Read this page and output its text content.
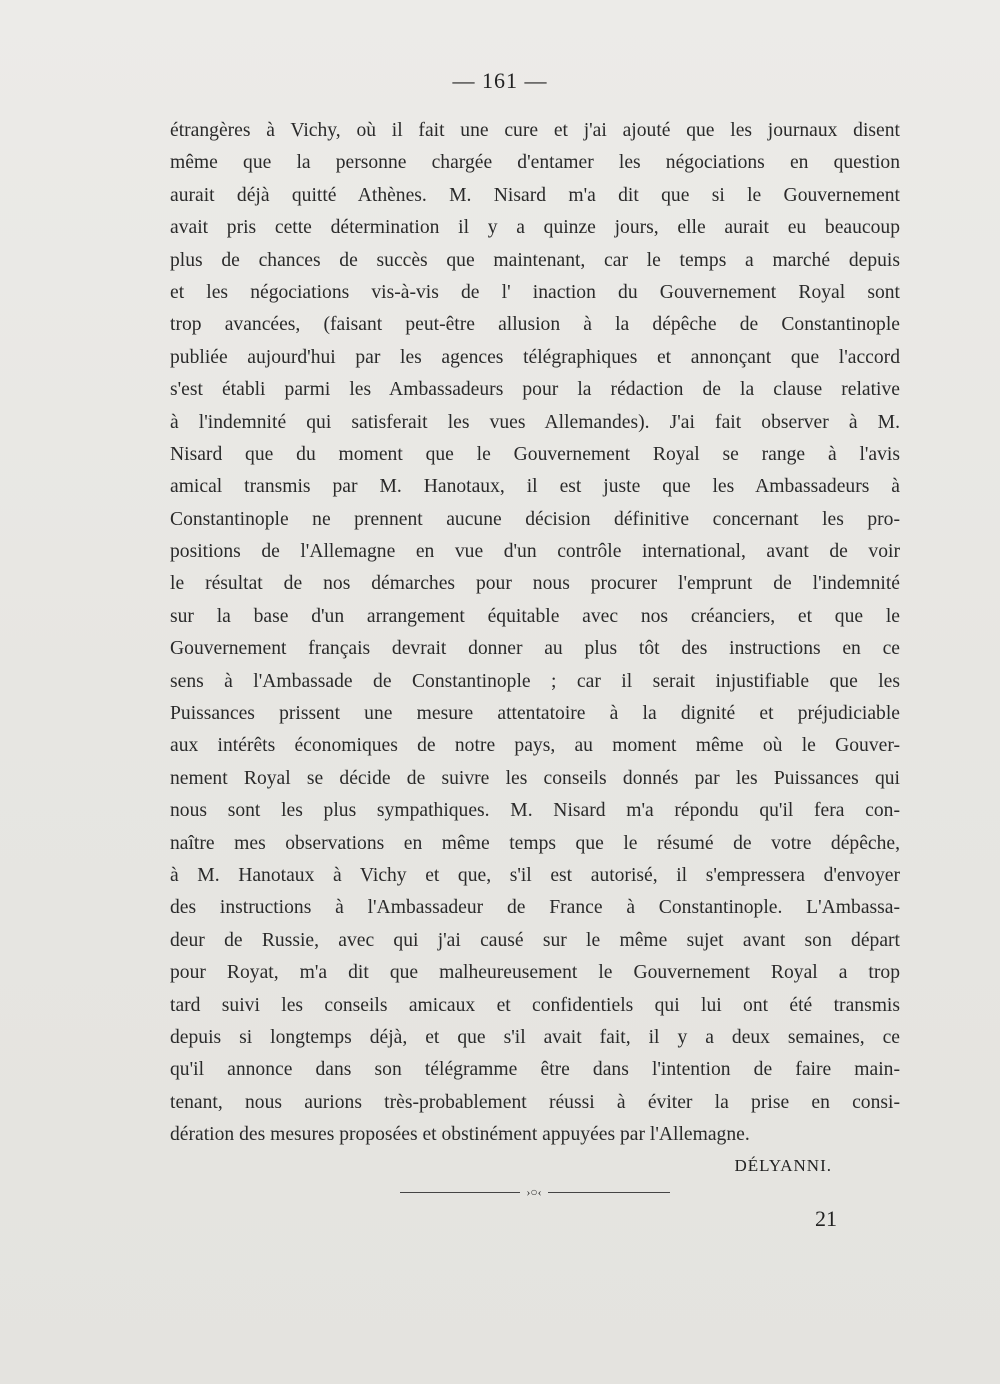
— 161 —
étrangères à Vichy, où il fait une cure et j'ai ajouté que les journaux disent
même que la personne chargée d'entamer les négociations en question
aurait déjà quitté Athènes. M. Nisard m'a dit que si le Gouvernement
avait pris cette détermination il y a quinze jours, elle aurait eu beaucoup
plus de chances de succès que maintenant, car le temps a marché depuis
et les négociations vis-à-vis de l' inaction du Gouvernement Royal sont
trop avancées, (faisant peut-être allusion à la dépêche de Constantinople
publiée aujourd'hui par les agences télégraphiques et annonçant que l'accord
s'est établi parmi les Ambassadeurs pour la rédaction de la clause relative
à l'indemnité qui satisferait les vues Allemandes). J'ai fait observer à M.
Nisard que du moment que le Gouvernement Royal se range à l'avis
amical transmis par M. Hanotaux, il est juste que les Ambassadeurs à
Constantinople ne prennent aucune décision définitive concernant les pro-
positions de l'Allemagne en vue d'un contrôle international, avant de voir
le résultat de nos démarches pour nous procurer l'emprunt de l'indemnité
sur la base d'un arrangement équitable avec nos créanciers, et que le
Gouvernement français devrait donner au plus tôt des instructions en ce
sens à l'Ambassade de Constantinople ; car il serait injustifiable que les
Puissances prissent une mesure attentatoire à la dignité et préjudiciable
aux intérêts économiques de notre pays, au moment même où le Gouver-
nement Royal se décide de suivre les conseils donnés par les Puissances qui
nous sont les plus sympathiques. M. Nisard m'a répondu qu'il fera con-
naître mes observations en même temps que le résumé de votre dépêche,
à M. Hanotaux à Vichy et que, s'il est autorisé, il s'empressera d'envoyer
des instructions à l'Ambassadeur de France à Constantinople. L'Ambassa-
deur de Russie, avec qui j'ai causé sur le même sujet avant son départ
pour Royat, m'a dit que malheureusement le Gouvernement Royal a trop
tard suivi les conseils amicaux et confidentiels qui lui ont été transmis
depuis si longtemps déjà, et que s'il avait fait, il y a deux semaines, ce
qu'il annonce dans son télégramme être dans l'intention de faire main-
tenant, nous aurions très-probablement réussi à éviter la prise en consi-
dération des mesures proposées et obstinément appuyées par l'Allemagne.
DÉLYANNI.
›○‹
21
